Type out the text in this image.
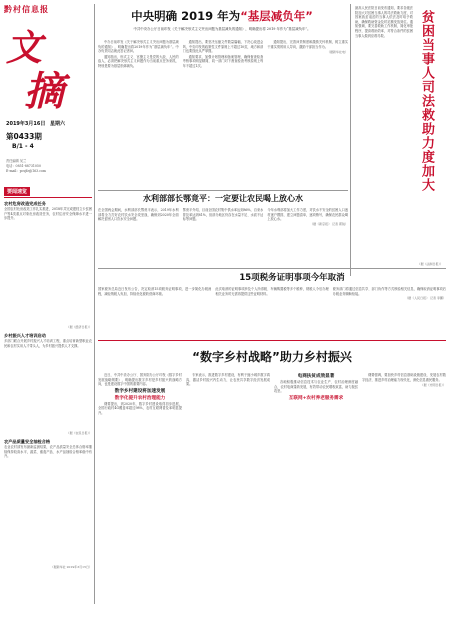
黔村信息报
文
摘
2019年3月16日 星期六
第0433期
B/1 - 4
责任编辑 吴兰
电话：0851-88731050
E-mail：pcsjfz@163.com
中央明确 2019 年为“基层减负年”
中共中央办公厅日前印发《关于解决形式主义突出问题为基层减负的通知》，明确提出将 2019 年作为“基层减负年”。

中办日前印发《关于解决形式主义突出问题为基层减负的通知》，明确提出将2019年作为“基层减负年”。中办负责同志就此答记者问。

通知指出，形式主义、官僚主义是党的大敌、人民的敌人，必须把解决形式主义问题作为当前重点任务来抓，特别是要为基层松绑减负。

通知提出，要坚决压缩文件数量篇幅，下决心改进会风，中央印发的政策性文件原则上不超过10页，地方和部门也要按此从严掌握。

通知要求，加强计划管理和备案管理，确保督查检查考核事项明显精简，同一部门对下督查检查考核原则上每年不超过1次。

通知提出，完善问责制度和激励关怀机制，树立重实干重实绩的用人导向，激励干部担当作为。

（据新华社电）
最高人民法院日前发布通知，要求各级法院加大对贫困当事人的司法救助力度，对因案致贫返贫的当事人依法及时给予救助，确保救助资金及时足额发放到位。通知强调，要完善救助工作机制，简化审批程序，提高救助效率，对符合条件的贫困当事人做到应救尽救。	贫困当事人司法救助力度加大
（据《法制日报》）
要闻速览
农村危房改造完成任务
全国农村危房改造工作扎实推进，2018年共完成建档立卡贫困户等4类重点对象危房改造任务，农村住房安全保障水平进一步提升。
（据《经济日报》）
乡村振兴人才培训启动
多部门联合开展乡村振兴人才培训工程，重点培育新型职业农民和农村实用人才带头人，为乡村振兴提供人才支撑。
（据《农民日报》）
农产品质量安全抽检合格
农业农村部发布最新监测结果，农产品质量安全总体合格率继续保持较高水平，蔬菜、畜禽产品、水产品抽检合格率稳中有升。
（据新华社 2019年3月15日）
水利部部长鄂竟平：一定要让农民喝上放心水
在全国两会期间，水利部部长鄂竟平表示，2019年水利部将全力打好农村饮水安全攻坚战，确保到2020年全面解决贫困人口饮水安全问题。
鄂竟平介绍，目前全国农村集中供水率达到86%，自来水普及率达到81%，但部分地区仍存在水量不足、水质不达标等问题。
今年水利部将加大工作力度，对饮水不安全的贫困人口逐村逐户摸排，建立问题清单，逐项销号，确保农民群众喝上放心水。
（据《新京报》 记者 郭锐）
15项税务证明事项今年取消
国家税务总局近日发布公告，决定取消15项税务证明事项，进一步简化办税流程，减轻纳税人负担，持续优化税收营商环境。
此次取消的证明事项涉及个人所得税、车辆购置税等多个税种，纳税人今后办理相关业务时无需再提供这些证明材料。
税务部门将通过信息共享、部门协作等方式核验相关信息，确保取消证明事项后办税业务顺畅衔接。
（据《人民日报》 记者 李鹏）
“数字乡村战略”助力乡村振兴

近日，中共中央办公厅、国务院办公厅印发《数字乡村发展战略纲要》，明确提出数字乡村是乡村振兴的战略方向，也是建设数字中国的重要内容。

数字乡村建设将加速发展
数字化提升农村治理能力

纲要提出，到2020年，数字乡村建设取得初步进展，全国行政村4G覆盖率超过98%，农村互联网普及率明显提升。

专家表示，推进数字乡村建设，有利于缩小城乡数字鸿沟，激活乡村振兴内生动力，让农民共享数字经济发展成果。

电商扶贫成效显著

各地积极推动信息技术与农业生产、农村治理深度融合，农村电商蓬勃发展，有效带动农民增收致富，助力脱贫攻坚。

互联网+农村养老服务需求

纲要强调，要加快乡村信息基础设施建设，发展农村数字经济，推进乡村治理能力现代化，深化信息惠民服务。

（据《光明日报》）
